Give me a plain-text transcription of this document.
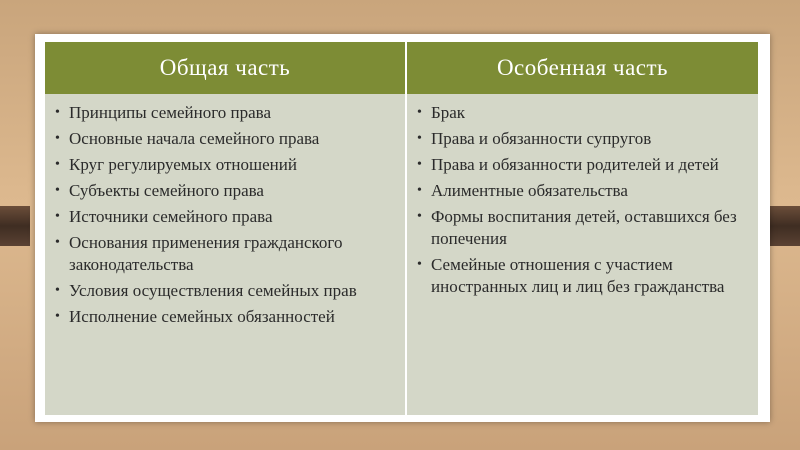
Общая часть	Особенная часть
• Принципы семейного права
• Основные начала семейного права
• Круг регулируемых отношений
• Субъекты семейного права
• Источники семейного права
• Основания применения гражданского законодательства
• Условия осуществления семейных прав
• Исполнение семейных обязанностей
• Брак
• Права и обязанности супругов
• Права и обязанности родителей и детей
• Алиментные обязательства
• Формы воспитания детей, оставшихся без попечения
• Семейные отношения с участием иностранных лиц и лиц без гражданства
